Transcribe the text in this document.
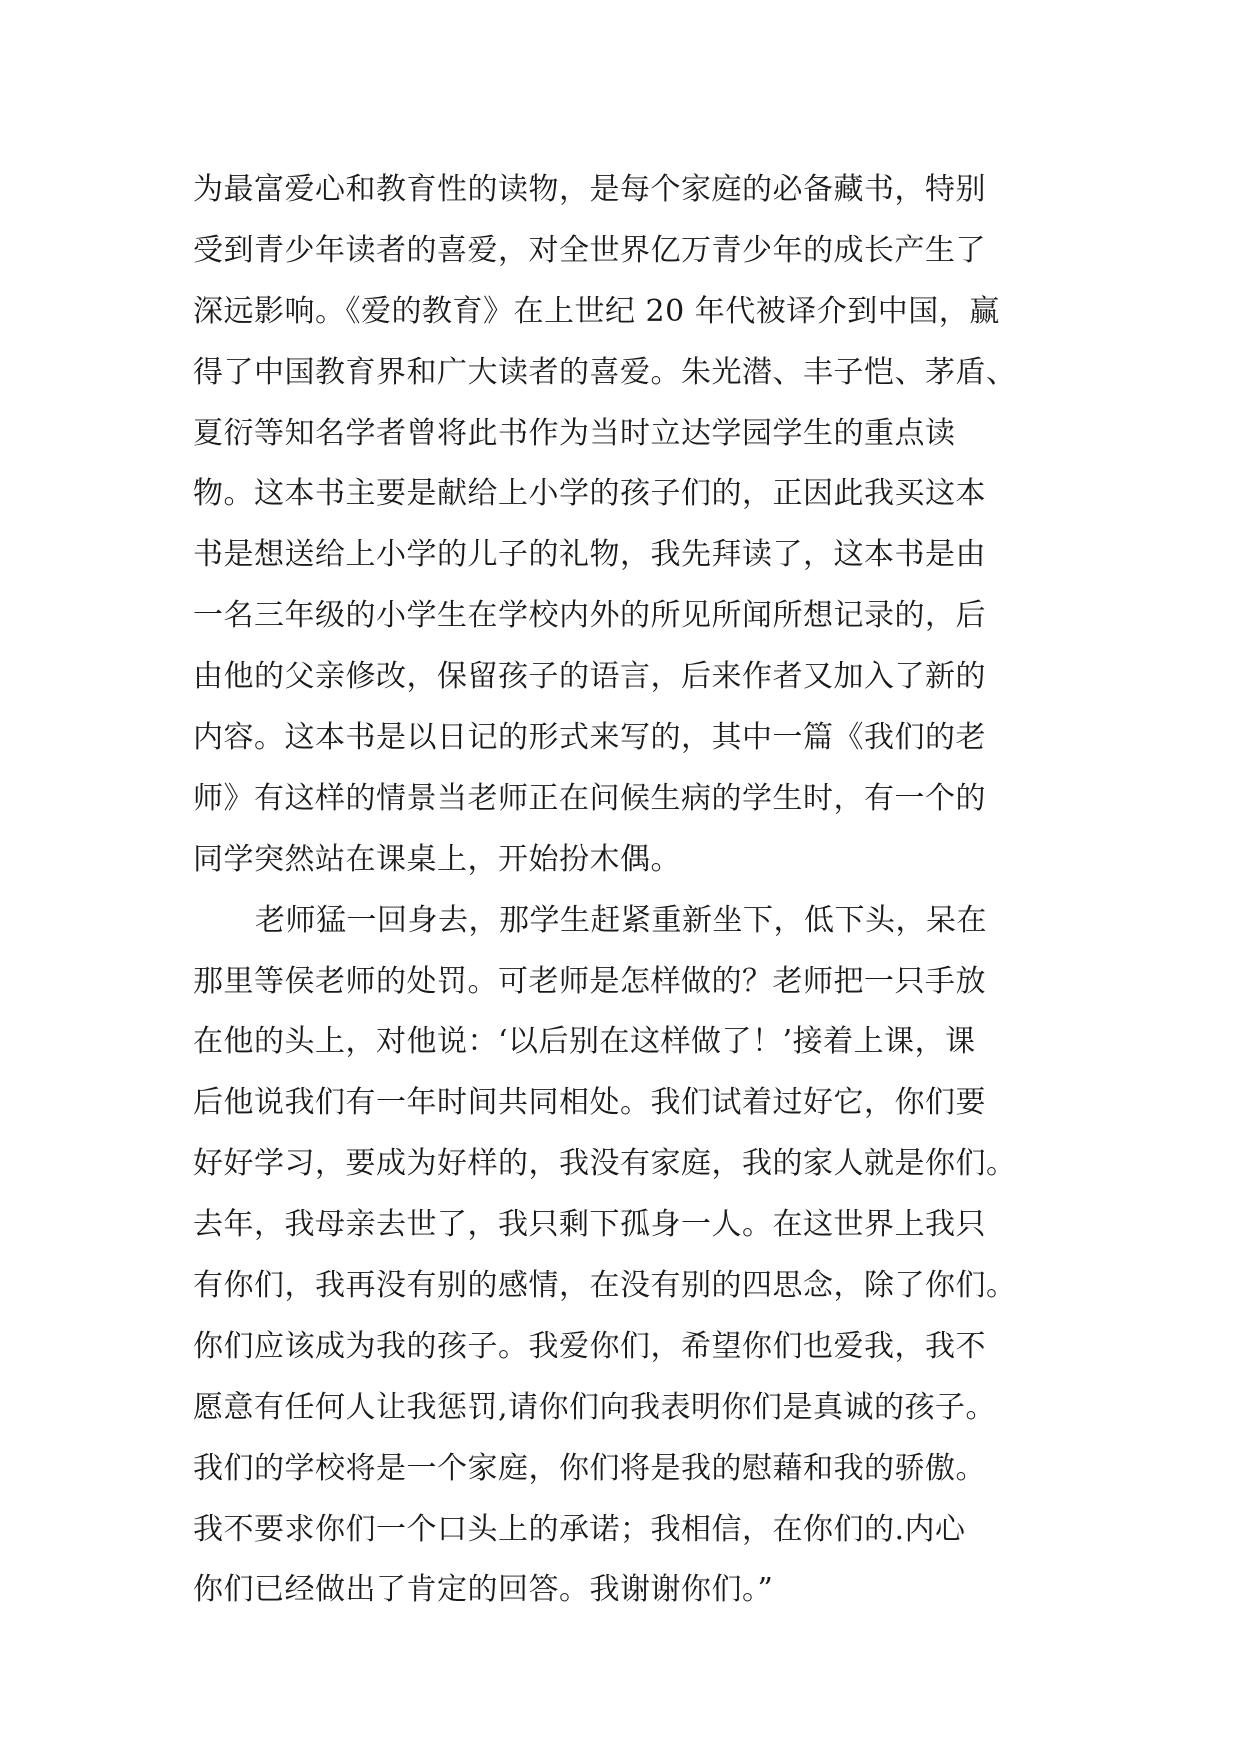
为最富爱心和教育性的读物，是每个家庭的必备藏书，特别
受到青少年读者的喜爱，对全世界亿万青少年的成长产生了
深远影响。《爱的教育》在上世纪 20 年代被译介到中国，赢
得了中国教育界和广大读者的喜爱。朱光潜、丰子恺、茅盾、
夏衍等知名学者曾将此书作为当时立达学园学生的重点读
物。这本书主要是献给上小学的孩子们的，正因此我买这本
书是想送给上小学的儿子的礼物，我先拜读了，这本书是由
一名三年级的小学生在学校内外的所见所闻所想记录的，后
由他的父亲修改，保留孩子的语言，后来作者又加入了新的
内容。这本书是以日记的形式来写的，其中一篇《我们的老
师》有这样的情景当老师正在问候生病的学生时，有一个的
同学突然站在课桌上，开始扮木偶。
老师猛一回身去，那学生赶紧重新坐下，低下头，呆在
那里等侯老师的处罚。可老师是怎样做的？老师把一只手放
在他的头上，对他说：‘以后别在这样做了！’接着上课，课
后他说我们有一年时间共同相处。我们试着过好它，你们要
好好学习，要成为好样的，我没有家庭，我的家人就是你们。
去年，我母亲去世了，我只剩下孤身一人。在这世界上我只
有你们，我再没有别的感情，在没有别的四思念，除了你们。
你们应该成为我的孩子。我爱你们，希望你们也爱我，我不
愿意有任何人让我惩罚,请你们向我表明你们是真诚的孩子。
我们的学校将是一个家庭，你们将是我的慰藉和我的骄傲。
我不要求你们一个口头上的承诺；我相信，在你们的.内心
你们已经做出了肯定的回答。我谢谢你们。”
